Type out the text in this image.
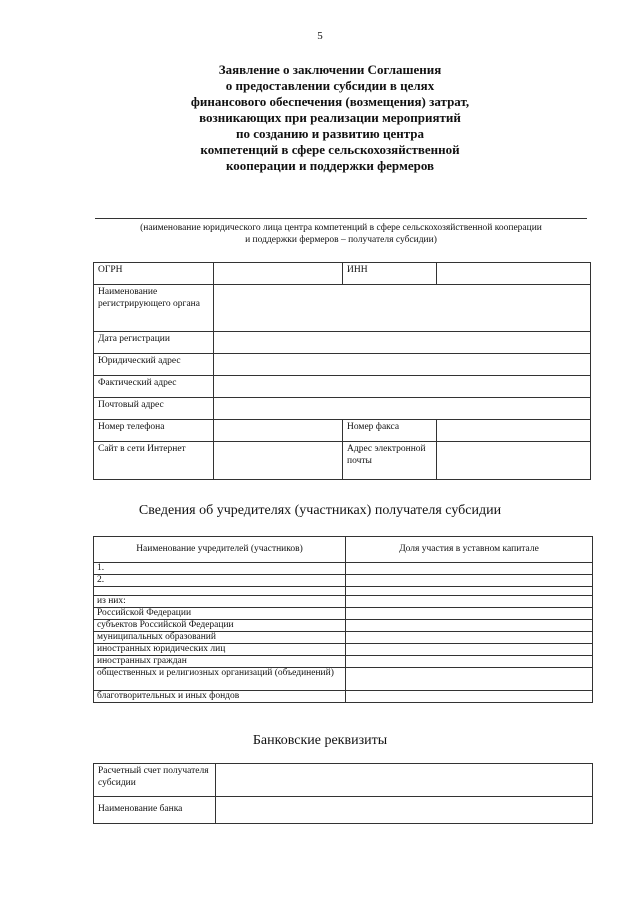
5
Заявление о заключении Соглашения
о предоставлении субсидии в целях
финансового обеспечения (возмещения) затрат,
возникающих при реализации мероприятий
по созданию и развитию центра
компетенций в сфере сельскохозяйственной
кооперации и поддержки фермеров
(наименование юридического лица центра компетенций в сфере сельскохозяйственной кооперации
и поддержки фермеров – получателя субсидии)
ОГРН		ИНН	
Наименование регистрирующего органа			
Дата регистрации			
Юридический адрес			
Фактический адрес			
Почтовый адрес			
Номер телефона		Номер факса	
Сайт в сети Интернет		Адрес электронной почты	
Сведения об учредителях (участниках) получателя субсидии
Наименование учредителей (участников)	Доля участия в уставном капитале
1.	
2.	

из них:	
Российской Федерации	
субъектов Российской Федерации	
муниципальных образований	
иностранных юридических лиц	
иностранных граждан	
общественных и религиозных организаций (объединений)	
благотворительных и иных фондов	
Банковские реквизиты
Расчетный счет получателя субсидии	
Наименование банка	
